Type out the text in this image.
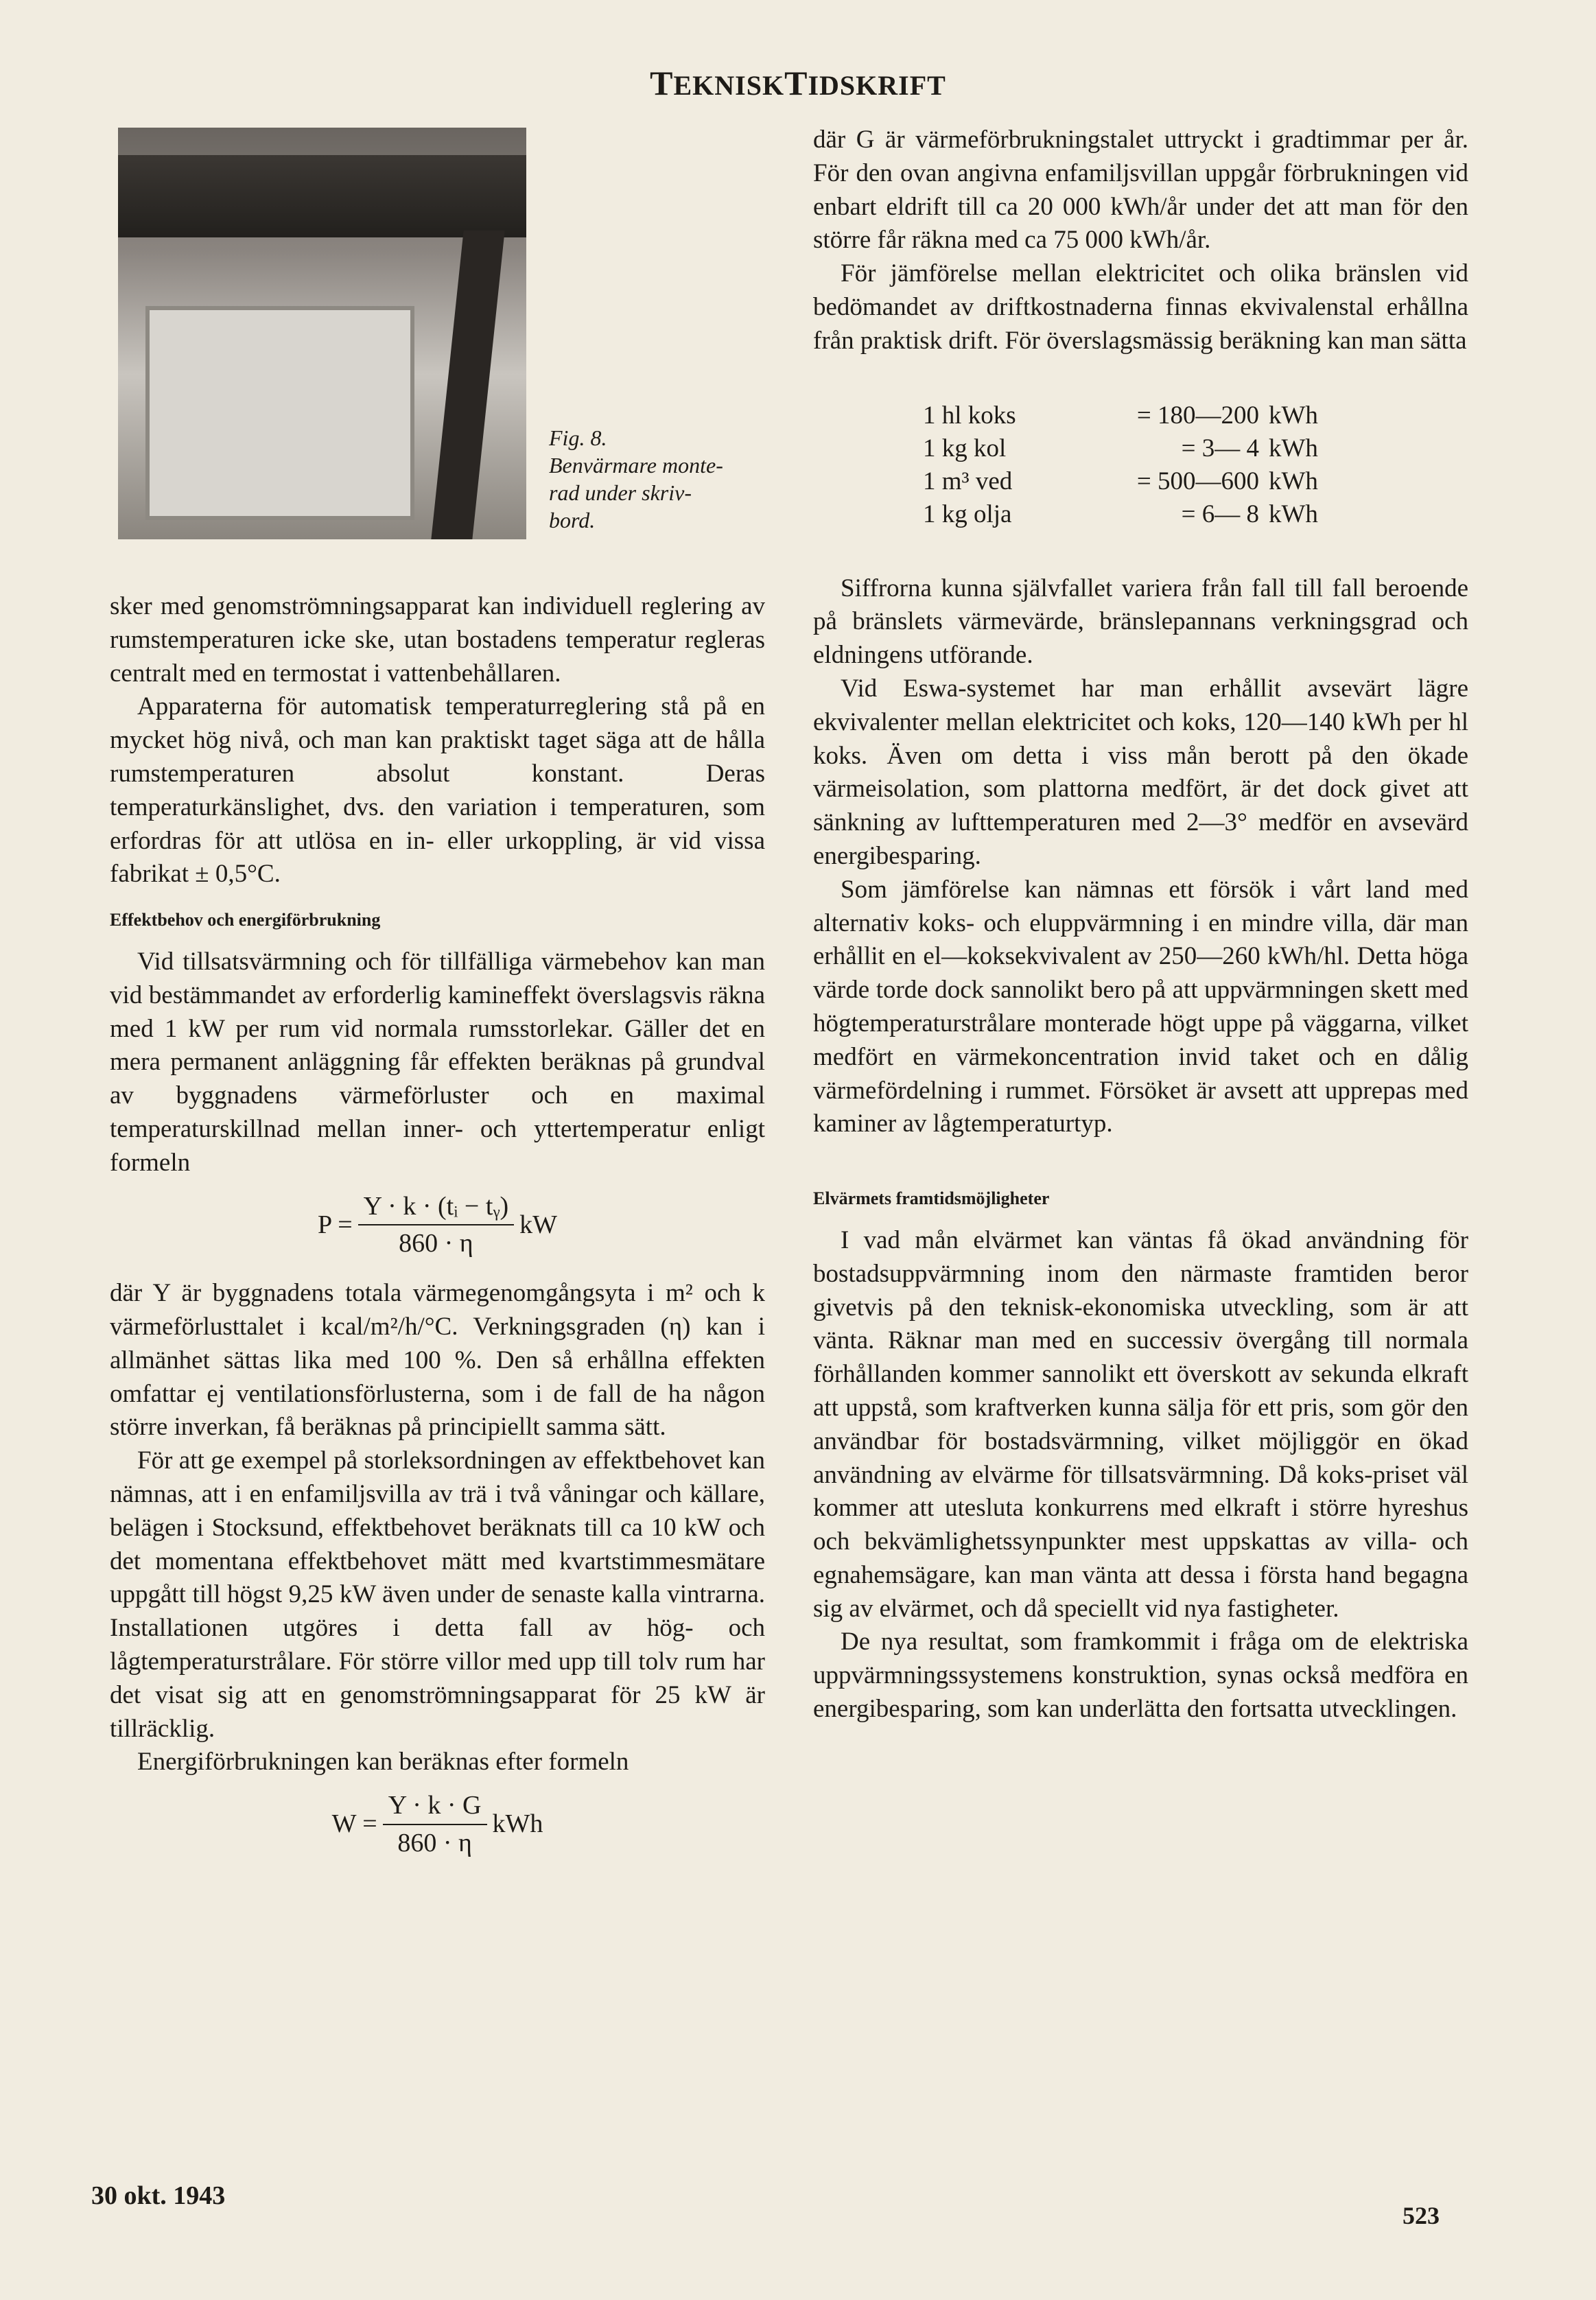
TEKNISKTIDSKRIFT

Fig. 8.

Benvärmare monte-

rad under skriv-

bord.

sker med genomströmningsapparat kan individuell reglering av rumstemperaturen icke ske, utan bostadens temperatur regleras centralt med en termostat i vattenbehållaren.

Apparaterna för automatisk temperaturreglering stå på en mycket hög nivå, och man kan praktiskt taget säga att de hålla rumstemperaturen absolut konstant. Deras temperaturkänslighet, dvs. den variation i temperaturen, som erfordras för att utlösa en in- eller urkoppling, är vid vissa fabrikat ± 0,5°C.

Effektbehov och energiförbrukning

Vid tillsatsvärmning och för tillfälliga värmebehov kan man vid bestämmandet av erforderlig kamineffekt överslagsvis räkna med 1 kW per rum vid normala rumsstorlekar. Gäller det en mera permanent anläggning får effekten beräknas på grundval av byggnadens värmeförluster och en maximal temperaturskillnad mellan inner- och yttertemperatur enligt formeln

$P = \frac{\text{Y · k · (tᵢ − tᵧ)}}{860 \cdot \eta}$ kW

där Y är byggnadens totala värmegenomgångsyta i m² och k värmeförlusttalet i kcal/m²/h/°C. Verkningsgraden (η) kan i allmänhet sättas lika med 100 %. Den så erhållna effekten omfattar ej ventilationsförlusterna, som i de fall de ha någon större inverkan, få beräknas på principiellt samma sätt.

För att ge exempel på storleksordningen av effektbehovet kan nämnas, att i en enfamiljsvilla av trä i två våningar och källare, belägen i Stocksund, effektbehovet beräknats till ca 10 kW och det momentana effektbehovet mätt med kvartstimmesmätare uppgått till högst 9,25 kW även under de senaste kalla vintrarna. Installationen utgöres i detta fall av hög- och lågtemperaturstrålare. För större villor med upp till tolv rum har det visat sig att en genomströmningsapparat för 25 kW är tillräcklig.

Energiförbrukningen kan beräknas efter formeln

$W = \frac{Y \cdot k \cdot G}{860 \cdot \eta}$ kWh

där G är värmeförbrukningstalet uttryckt i gradtimmar per år. För den ovan angivna enfamiljsvillan uppgår förbrukningen vid enbart eldrift till ca 20 000 kWh/år under det att man för den större får räkna med ca 75 000 kWh/år.

För jämförelse mellan elektricitet och olika bränslen vid bedömandet av driftkostnaderna finnas ekvivalenstal erhållna från praktisk drift. För överslagsmässig beräkning kan man sätta

1 hl koks	= 180—200 kWh
1 kg kol	= 3— 4 kWh
1 m³ ved	= 500—600 kWh
1 kg olja	= 6— 8 kWh

Siffrorna kunna självfallet variera från fall till fall beroende på bränslets värmevärde, bränslepannans verkningsgrad och eldningens utförande.

Vid Eswa-systemet har man erhållit avsevärt lägre ekvivalenter mellan elektricitet och koks, 120—140 kWh per hl koks. Även om detta i viss mån berott på den ökade värmeisolation, som plattorna medfört, är det dock givet att sänkning av lufttemperaturen med 2—3° medför en avsevärd energibesparing.

Som jämförelse kan nämnas ett försök i vårt land med alternativ koks- och eluppvärmning i en mindre villa, där man erhållit en el—koksekvivalent av 250—260 kWh/hl. Detta höga värde torde dock sannolikt bero på att uppvärmningen skett med högtemperaturstrålare monterade högt uppe på väggarna, vilket medfört en värmekoncentration invid taket och en dålig värmefördelning i rummet. Försöket är avsett att upprepas med kaminer av lågtemperaturtyp.

Elvärmets framtidsmöjligheter

I vad mån elvärmet kan väntas få ökad användning för bostadsuppvärmning inom den närmaste framtiden beror givetvis på den teknisk-ekonomiska utveckling, som är att vänta. Räknar man med en successiv övergång till normala förhållanden kommer sannolikt ett överskott av sekunda elkraft att uppstå, som kraftverken kunna sälja för ett pris, som gör den användbar för bostadsvärmning, vilket möjliggör en ökad användning av elvärme för tillsatsvärmning. Då koks-priset väl kommer att utesluta konkurrens med elkraft i större hyreshus och bekvämlighetssynpunkter mest uppskattas av villa- och egnahemsägare, kan man vänta att dessa i första hand begagna sig av elvärmet, och då speciellt vid nya fastigheter.

De nya resultat, som framkommit i fråga om de elektriska uppvärmningssystemens konstruktion, synas också medföra en energibesparing, som kan underlätta den fortsatta utvecklingen.

30 okt. 1943
523
